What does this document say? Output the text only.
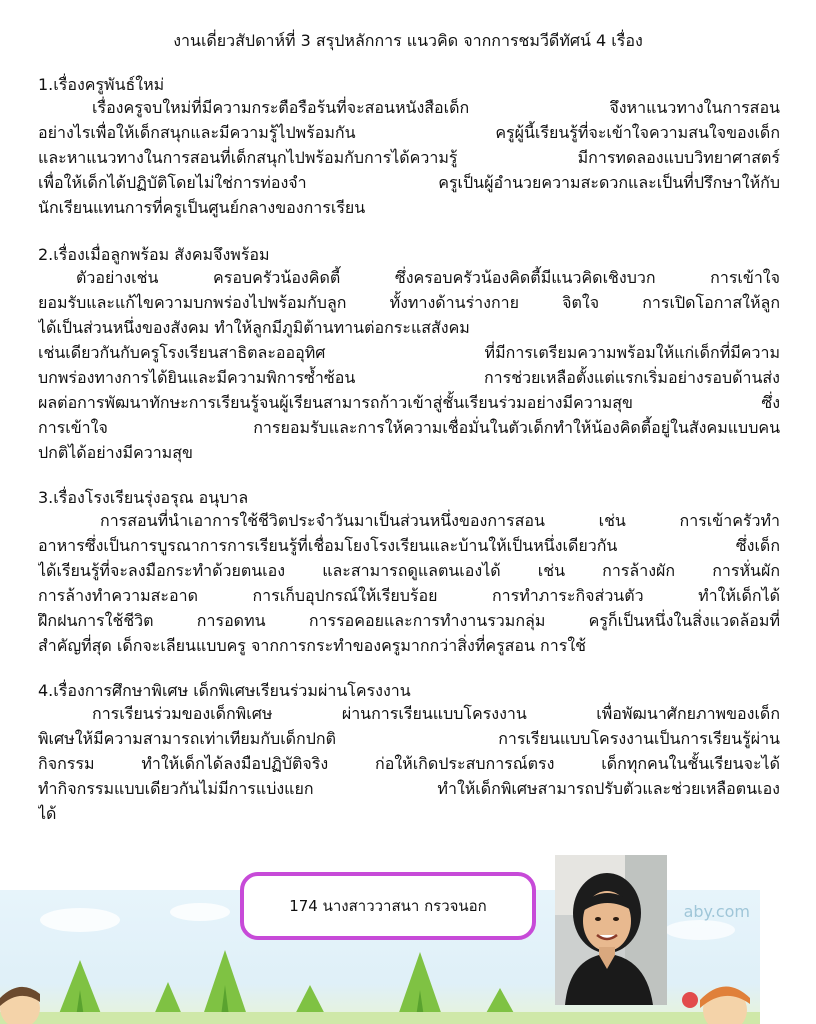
งานเดี่ยวสัปดาห์ที่ 3 สรุปหลักการ แนวคิด จากการชมวีดีทัศน์ 4 เรื่อง
1.เรื่องครูพันธ์ใหม่
เรื่องครูจบใหม่ที่มีความกระตือรือร้นที่จะสอนหนังสือเด็ก จึงหาแนวทางในการสอน
อย่างไรเพื่อให้เด็กสนุกและมีความรู้ไปพร้อมกัน ครูผู้นี้เรียนรู้ที่จะเข้าใจความสนใจของเด็ก
และหาแนวทางในการสอนที่เด็กสนุกไปพร้อมกับการได้ความรู้ มีการทดลองแบบวิทยาศาสตร์
เพื่อให้เด็กได้ปฏิบัติโดยไม่ใช่การท่องจำ ครูเป็นผู้อำนวยความสะดวกและเป็นที่ปรึกษาให้กับ
นักเรียนแทนการที่ครูเป็นศูนย์กลางของการเรียน
2.เรื่องเมื่อลูกพร้อม สังคมจึงพร้อม
ตัวอย่างเช่น ครอบครัวน้องคิดตี้ ซึ่งครอบครัวน้องคิดตี้มีแนวคิดเชิงบวก การเข้าใจ
ยอมรับและแก้ไขความบกพร่องไปพร้อมกับลูก ทั้งทางด้านร่างกาย จิตใจ การเปิดโอกาสให้ลูก
ได้เป็นส่วนหนึ่งของสังคม ทำให้ลูกมีภูมิต้านทานต่อกระแสสังคม
เช่นเดียวกันกับครูโรงเรียนสาธิตละอออุทิศ ที่มีการเตรียมความพร้อมให้แก่เด็กที่มีความ
บกพร่องทางการได้ยินและมีความพิการซ้ำซ้อน การช่วยเหลือตั้งแต่แรกเริ่มอย่างรอบด้านส่ง
ผลต่อการพัฒนาทักษะการเรียนรู้จนผู้เรียนสามารถก้าวเข้าสู่ชั้นเรียนร่วมอย่างมีความสุข ซึ่ง
การเข้าใจ การยอมรับและการให้ความเชื่อมั่นในตัวเด็กทำให้น้องคิดตี้อยู่ในสังคมแบบคน
ปกติได้อย่างมีความสุข
3.เรื่องโรงเรียนรุ่งอรุณ อนุบาล
การสอนที่นำเอาการใช้ชีวิตประจำวันมาเป็นส่วนหนึ่งของการสอน เช่น การเข้าครัวทำ
อาหารซึ่งเป็นการบูรณาการการเรียนรู้ที่เชื่อมโยงโรงเรียนและบ้านให้เป็นหนึ่งเดียวกัน ซึ่งเด็ก
ได้เรียนรู้ที่จะลงมือกระทำด้วยตนเอง และสามารถดูแลตนเองได้ เช่น การล้างผัก การหั่นผัก
การล้างทำความสะอาด การเก็บอุปกรณ์ให้เรียบร้อย การทำภาระกิจส่วนตัว ทำให้เด็กได้
ฝึกฝนการใช้ชีวิต การอดทน การรอคอยและการทำงานรวมกลุ่ม ครูก็เป็นหนึ่งในสิ่งแวดล้อมที่
สำคัญที่สุด เด็กจะเลียนแบบครู จากการกระทำของครูมากกว่าสิ่งที่ครูสอน การใช้
4.เรื่องการศึกษาพิเศษ เด็กพิเศษเรียนร่วมผ่านโครงงาน
การเรียนร่วมของเด็กพิเศษ ผ่านการเรียนแบบโครงงาน เพื่อพัฒนาศักยภาพของเด็ก
พิเศษให้มีความสามารถเท่าเทียมกับเด็กปกติ การเรียนแบบโครงงานเป็นการเรียนรู้ผ่าน
กิจกรรม ทำให้เด็กได้ลงมือปฏิบัติจริง ก่อให้เกิดประสบการณ์ตรง เด็กทุกคนในชั้นเรียนจะได้
ทำกิจกรรมแบบเดียวกันไม่มีการแบ่งแยก ทำให้เด็กพิเศษสามารถปรับตัวและช่วยเหลือตนเอง
ได้
aby.com
174 นางสาววาสนา กรวจนอก
